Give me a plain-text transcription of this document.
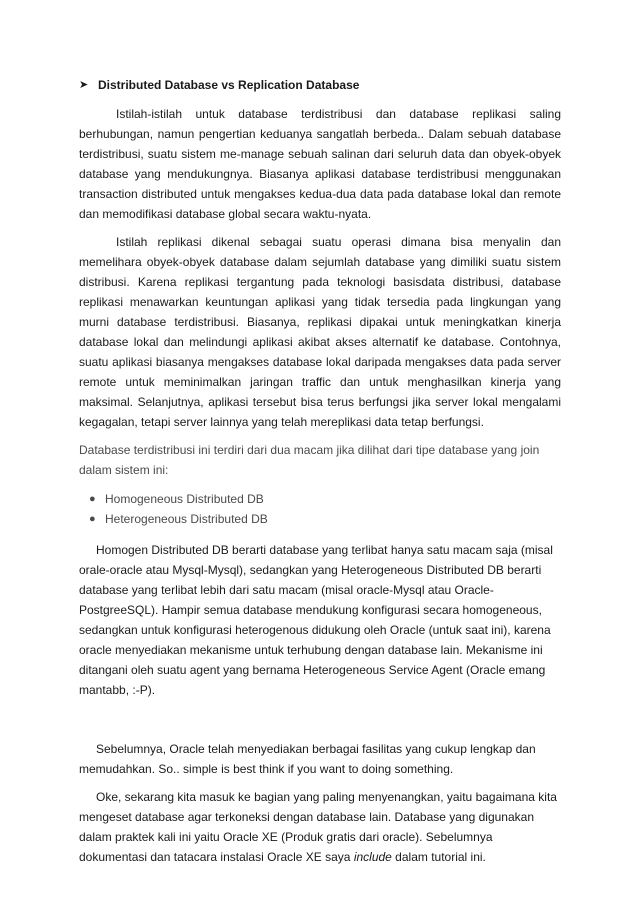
➤ Distributed Database vs Replication Database

Istilah-istilah untuk database terdistribusi dan database replikasi saling berhubungan, namun pengertian keduanya sangatlah berbeda.. Dalam sebuah database terdistribusi, suatu sistem me-manage sebuah salinan dari seluruh data dan obyek-obyek database yang mendukungnya. Biasanya aplikasi database terdistribusi menggunakan transaction distributed untuk mengakses kedua-dua data pada database lokal dan remote dan memodifikasi database global secara waktu-nyata.

Istilah replikasi dikenal sebagai suatu operasi dimana bisa menyalin dan memelihara obyek-obyek database dalam sejumlah database yang dimiliki suatu sistem distribusi. Karena replikasi tergantung pada teknologi basisdata distribusi, database replikasi menawarkan keuntungan aplikasi yang tidak tersedia pada lingkungan yang murni database terdistribusi. Biasanya, replikasi dipakai untuk meningkatkan kinerja database lokal dan melindungi aplikasi akibat akses alternatif ke database. Contohnya, suatu aplikasi biasanya mengakses database lokal daripada mengakses data pada server remote untuk meminimalkan jaringan traffic dan untuk menghasilkan kinerja yang maksimal. Selanjutnya, aplikasi tersebut bisa terus berfungsi jika server lokal mengalami kegagalan, tetapi server lainnya yang telah mereplikasi data tetap berfungsi.

Database terdistribusi ini terdiri dari dua macam jika dilihat dari tipe database yang join dalam sistem ini:

● Homogeneous Distributed DB
● Heterogeneous Distributed DB

Homogen Distributed DB berarti database yang terlibat hanya satu macam saja (misal orale-oracle atau Mysql-Mysql), sedangkan yang Heterogeneous Distributed DB berarti database yang terlibat lebih dari satu macam (misal oracle-Mysql atau Oracle-PostgreeSQL). Hampir semua database mendukung konfigurasi secara homogeneous, sedangkan untuk konfigurasi heterogenous didukung oleh Oracle (untuk saat ini), karena oracle menyediakan mekanisme untuk terhubung dengan database lain. Mekanisme ini ditangani oleh suatu agent yang bernama Heterogeneous Service Agent (Oracle emang mantabb, :-P).

Sebelumnya, Oracle telah menyediakan berbagai fasilitas yang cukup lengkap dan memudahkan. So.. simple is best think if you want to doing something.

Oke, sekarang kita masuk ke bagian yang paling menyenangkan, yaitu bagaimana kita mengeset database agar terkoneksi dengan database lain. Database yang digunakan dalam praktek kali ini yaitu Oracle XE (Produk gratis dari oracle). Sebelumnya dokumentasi dan tatacara instalasi Oracle XE saya include dalam tutorial ini.
